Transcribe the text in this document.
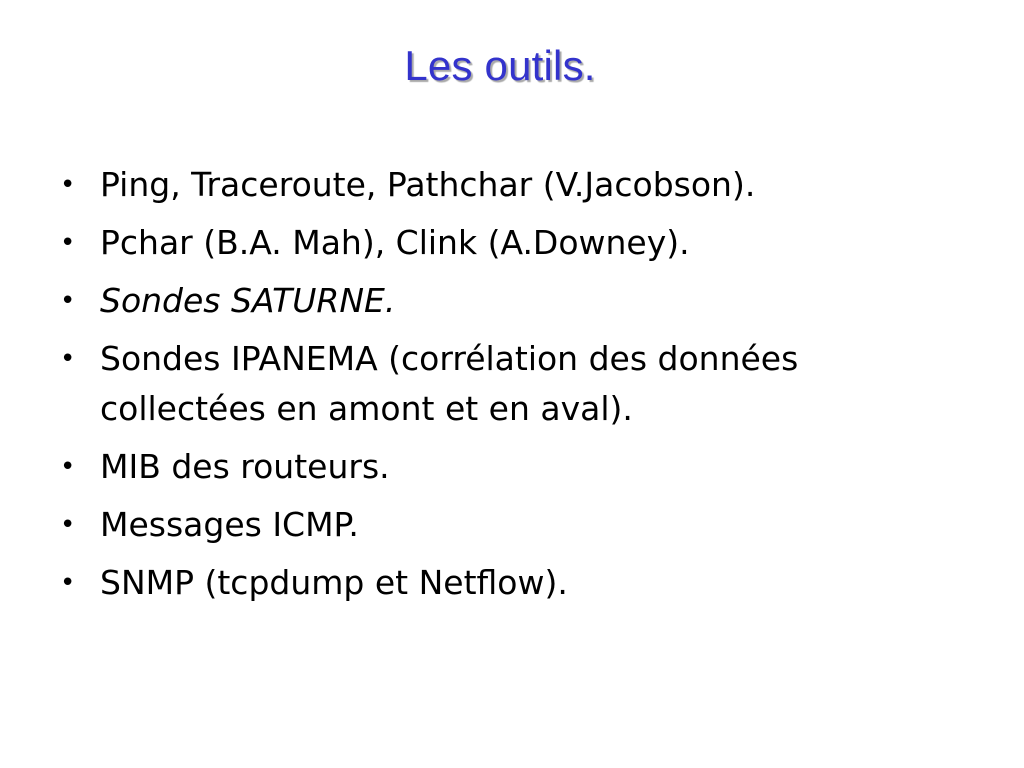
Les outils.
• Ping, Traceroute, Pathchar (V.Jacobson).
• Pchar (B.A. Mah), Clink (A.Downey).
• Sondes SATURNE.
• Sondes IPANEMA (corrélation des données collectées en amont et en aval).
• MIB des routeurs.
• Messages ICMP.
• SNMP (tcpdump et Netflow).
